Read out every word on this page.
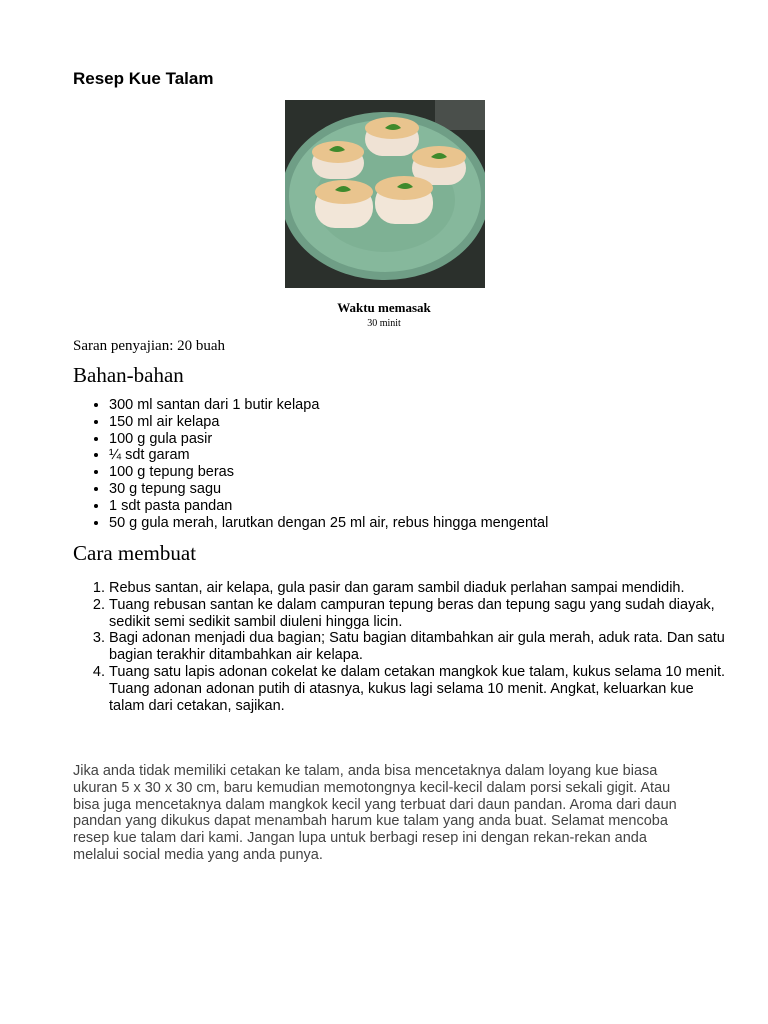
Resep Kue Talam
Waktu memasak
30 minit
Saran penyajian: 20 buah
Bahan-bahan
• 300 ml santan dari 1 butir kelapa
• 150 ml air kelapa
• 100 g gula pasir
• ¼ sdt garam
• 100 g tepung beras
• 30 g tepung sagu
• 1 sdt pasta pandan
• 50 g gula merah, larutkan dengan 25 ml air, rebus hingga mengental
Cara membuat
1. Rebus santan, air kelapa, gula pasir dan garam sambil diaduk perlahan sampai mendidih.
2. Tuang rebusan santan ke dalam campuran tepung beras dan tepung sagu yang sudah diayak, sedikit semi sedikit sambil diuleni hingga licin.
3. Bagi adonan menjadi dua bagian; Satu bagian ditambahkan air gula merah, aduk rata. Dan satu bagian terakhir ditambahkan air kelapa.
4. Tuang satu lapis adonan cokelat ke dalam cetakan mangkok kue talam, kukus selama 10 menit. Tuang adonan adonan putih di atasnya, kukus lagi selama 10 menit. Angkat, keluarkan kue talam dari cetakan, sajikan.

Jika anda tidak memiliki cetakan ke talam, anda bisa mencetaknya dalam loyang kue biasa ukuran 5 x 30 x 30 cm, baru kemudian memotongnya kecil-kecil dalam porsi sekali gigit. Atau bisa juga mencetaknya dalam mangkok kecil yang terbuat dari daun pandan. Aroma dari daun pandan yang dikukus dapat menambah harum kue talam yang anda buat. Selamat mencoba resep kue talam dari kami. Jangan lupa untuk berbagi resep ini dengan rekan-rekan anda melalui social media yang anda punya.
